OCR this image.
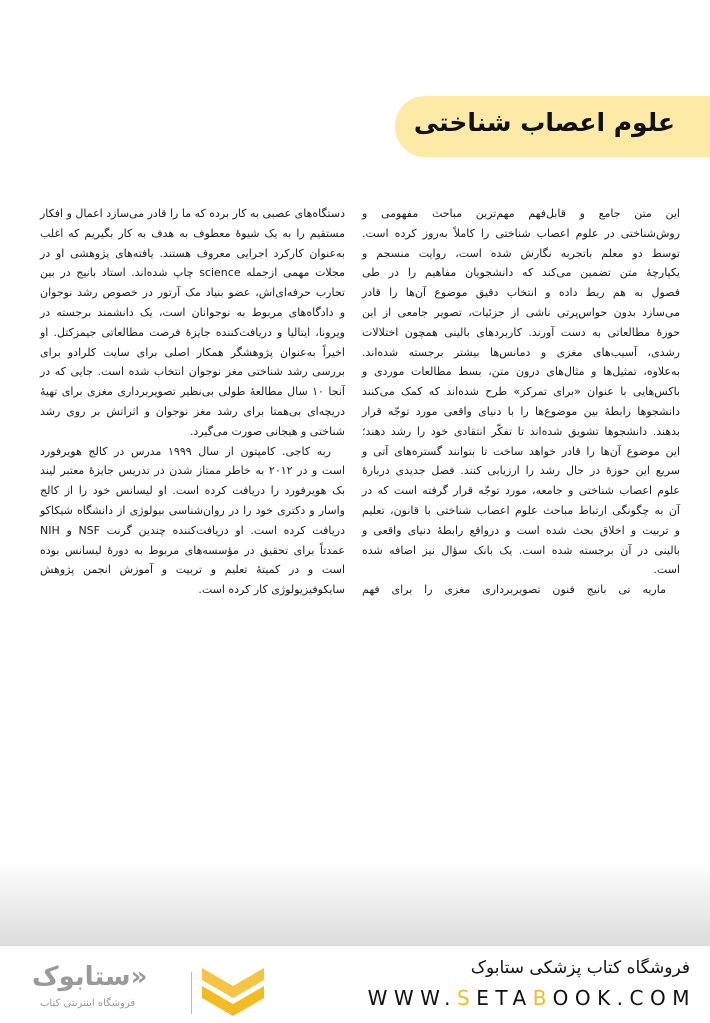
علوم اعصاب شناختی
این متن جامع و قابل‌فهم مهم‌ترین مباحث مفهومی و
روش‌شناختی در علوم اعصاب شناختی را کاملاً به‌روز کرده است.
توسط دو معلم باتجربه نگارش شده است، روایت منسجم و
یکپارچهٔ متن تضمین می‌کند که دانشجویان مفاهیم را در طی
فصول به هم ربط داده و انتخاب دقیق موضوع آن‌ها را قادر
می‌سازد بدون حواس‌پرتی ناشی از جزئیات، تصویر جامعی از این
حوزهٔ مطالعاتی به دست آورند. کاربردهای بالینی همچون اختلالات
رشدی، آسیب‌های مغزی و دمانس‌ها بیشتر برجسته شده‌اند.
به‌علاوه، تمثیل‌ها و مثال‌های درون متن، بسط مطالعات موردی و
باکس‌هایی با عنوان «برای تمرکز» طرح شده‌اند که کمک می‌کنند
دانشجوها رابطهٔ بین موضوع‌ها را با دنیای واقعی مورد توجّه قرار
بدهند. دانشجوها تشویق شده‌اند تا تفکّر انتقادی خود را رشد دهند؛
این موضوع آن‌ها را قادر خواهد ساخت تا بتوانند گستره‌های آتی و
سریع این حوزهٔ در حال رشد را ارزیابی کنند. فصل جدیدی دربارهٔ
علوم اعصاب شناختی و جامعه، مورد توجّه قرار گرفته است که در
آن به چگونگی ارتباط مباحث علوم اعصاب شناختی با قانون، تعلیم
و تربیت و اخلاق بحث شده است و درواقع رابطهٔ دنیای واقعی و
بالینی در آن برجسته شده است. یک بانک سؤال نیز اضافه شده
است.
ماریه تی بانیج فنون تصویربرداری مغزی را برای فهم
دستگاه‌های عصبی به کار برده که ما را قادر می‌سازد اعمال و افکار
مستقیم را به یک شیوهٔ معطوف به هدف به کار بگیریم که اغلب
به‌عنوان کارکرد اجرایی معروف هستند. یافته‌های پژوهشی او در
مجلات مهمی ازجمله science چاپ شده‌اند. استاد بانیج در بین
تجارب حرفه‌ای‌اش، عضو بنیاد مک آرتور در خصوص رشد نوجوان
و دادگاه‌های مربوط به نوجوانان است، یک دانشمند برجسته در
ویرونا، ایتالیا و دریافت‌کننده جایزهٔ فرصت مطالعاتی جیمزکتل. او
اخیراً به‌عنوان پژوهشگر همکار اصلی برای سایت کلرادو برای
بررسی رشد شناختی مغز نوجوان انتخاب شده است. جایی که در
آنجا ۱۰ سال مطالعهٔ طولی بی‌نظیر تصویربرداری مغزی برای تهیهٔ
دریچه‌ای بی‌همتا برای رشد مغز نوجوان و اثراتش بر روی رشد
شناختی و هیجانی صورت می‌گیرد.
ربه کاجی. کامپتون از سال ۱۹۹۹ مدرس در کالج هویرفورد
است و در ۲۰۱۲ به خاطر ممتاز شدن در تدریس جایزهٔ معتبر لیند
بک هویرفورد را دریافت کرده است. او لیسانس خود را از کالج
واسار و دکتری خود را در روان‌شناسی بیولوژی از دانشگاه شیکاکو
دریافت کرده است. او دریافت‌کننده چندین گرنت NSF و NIH
عمدتاً برای تحقیق در مؤسسه‌های مربوط به دورهٔ لیسانس بوده
است و در کمیتهٔ تعلیم و تربیت و آموزش انجمن پژوهش
سایکوفیزیولوژی کار کرده است.
فروشگاه کتاب پزشکی ستابوک
WWW.SETABOOK.COM
«ستابوک
فروشگاه اینترنتی کتاب
